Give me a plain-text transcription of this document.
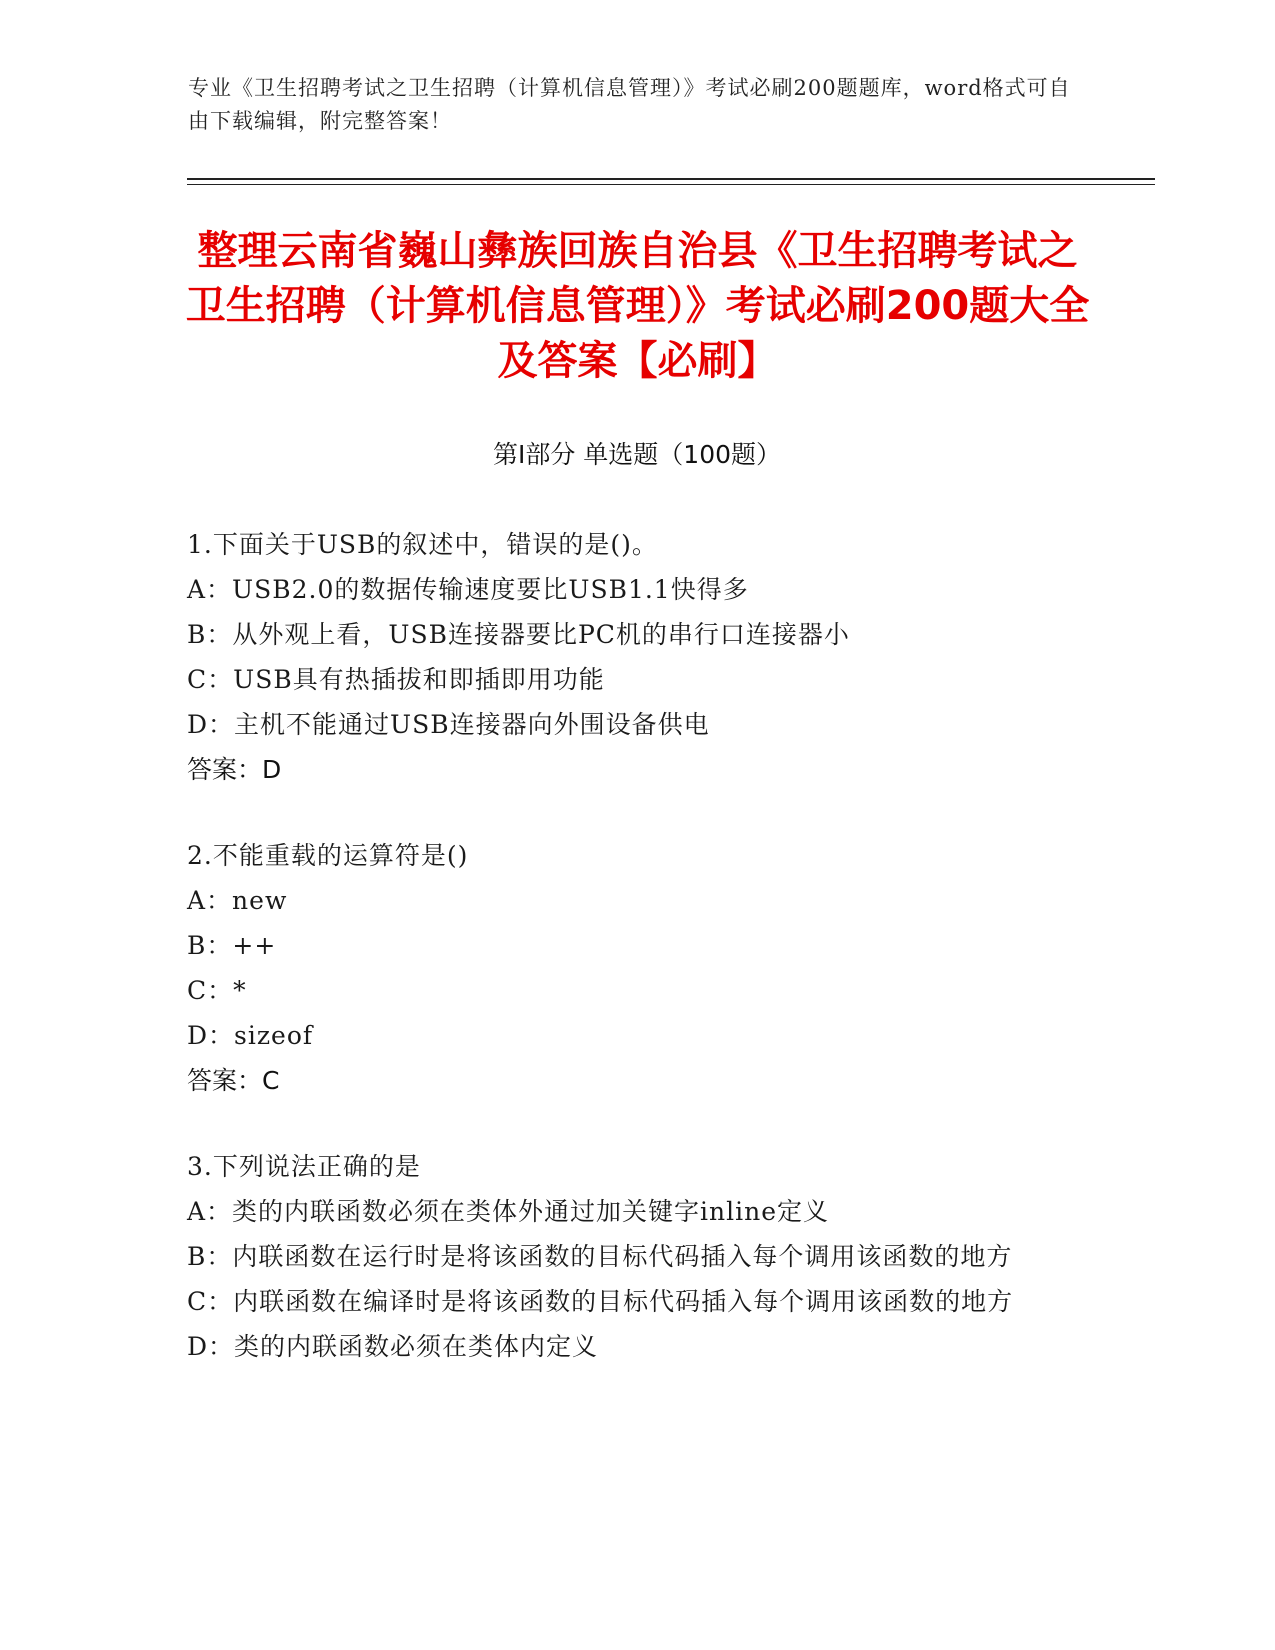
专业《卫生招聘考试之卫生招聘（计算机信息管理）》考试必刷200题题库，word格式可自由下载编辑，附完整答案！
整理云南省巍山彝族回族自治县《卫生招聘考试之卫生招聘（计算机信息管理）》考试必刷200题大全及答案【必刷】
第Ⅰ部分 单选题（100题）
1.下面关于USB的叙述中，错误的是()。
A：USB2.0的数据传输速度要比USB1.1快得多
B：从外观上看，USB连接器要比PC机的串行口连接器小
C：USB具有热插拔和即插即用功能
D：主机不能通过USB连接器向外围设备供电
答案：D
2.不能重载的运算符是()
A：new
B：++
C：*
D：sizeof
答案：C
3.下列说法正确的是
A：类的内联函数必须在类体外通过加关键字inline定义
B：内联函数在运行时是将该函数的目标代码插入每个调用该函数的地方
C：内联函数在编译时是将该函数的目标代码插入每个调用该函数的地方
D：类的内联函数必须在类体内定义
